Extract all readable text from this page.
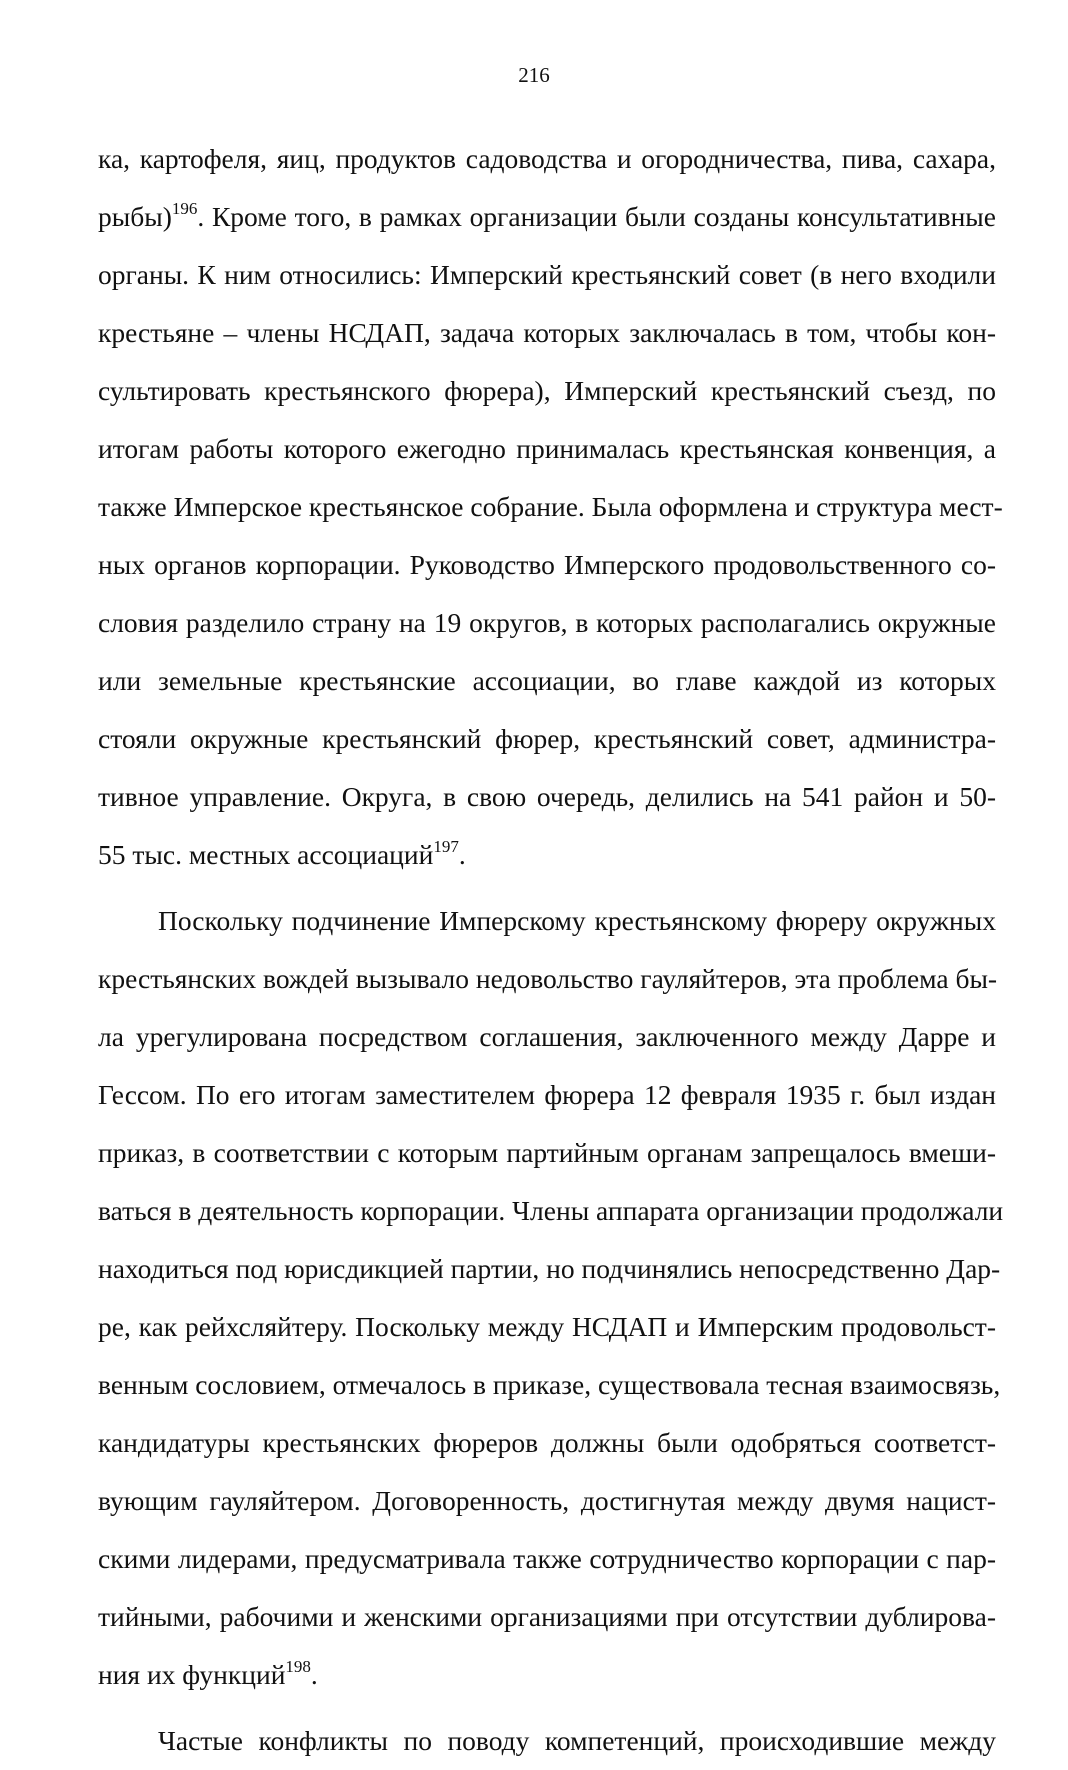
216

ка, картофеля, яиц, продуктов садоводства и огородничества, пива, сахара,
рыбы)$^{196}$. Кроме того, в рамках организации были созданы консультативные
органы. К ним относились: Имперский крестьянский совет (в него входили
крестьяне – члены НСДАП, задача которых заключалась в том, чтобы кон-
сультировать крестьянского фюрера), Имперский крестьянский съезд, по
итогам работы которого ежегодно принималась крестьянская конвенция, а
также Имперское крестьянское собрание. Была оформлена и структура мест-
ных органов корпорации. Руководство Имперского продовольственного со-
словия разделило страну на 19 округов, в которых располагались окружные
или земельные крестьянские ассоциации, во главе каждой из которых
стояли окружные крестьянский фюрер, крестьянский совет, администра-
тивное управление. Округа, в свою очередь, делились на 541 район и 50-
55 тыс. местных ассоциаций$^{197}$.

Поскольку подчинение Имперскому крестьянскому фюреру окружных
крестьянских вождей вызывало недовольство гауляйтеров, эта проблема бы-
ла урегулирована посредством соглашения, заключенного между Дарре и
Гессом. По его итогам заместителем фюрера 12 февраля 1935 г. был издан
приказ, в соответствии с которым партийным органам запрещалось вмеши-
ваться в деятельность корпорации. Члены аппарата организации продолжали
находиться под юрисдикцией партии, но подчинялись непосредственно Дар-
ре, как рейхсляйтеру. Поскольку между НСДАП и Имперским продовольст-
венным сословием, отмечалось в приказе, существовала тесная взаимосвязь,
кандидатуры крестьянских фюреров должны были одобряться соответст-
вующим гауляйтером. Договоренность, достигнутая между двумя нацист-
скими лидерами, предусматривала также сотрудничество корпорации с пар-
тийными, рабочими и женскими организациями при отсутствии дублирова-
ния их функций$^{198}$.

Частые конфликты по поводу компетенций, происходившие между
